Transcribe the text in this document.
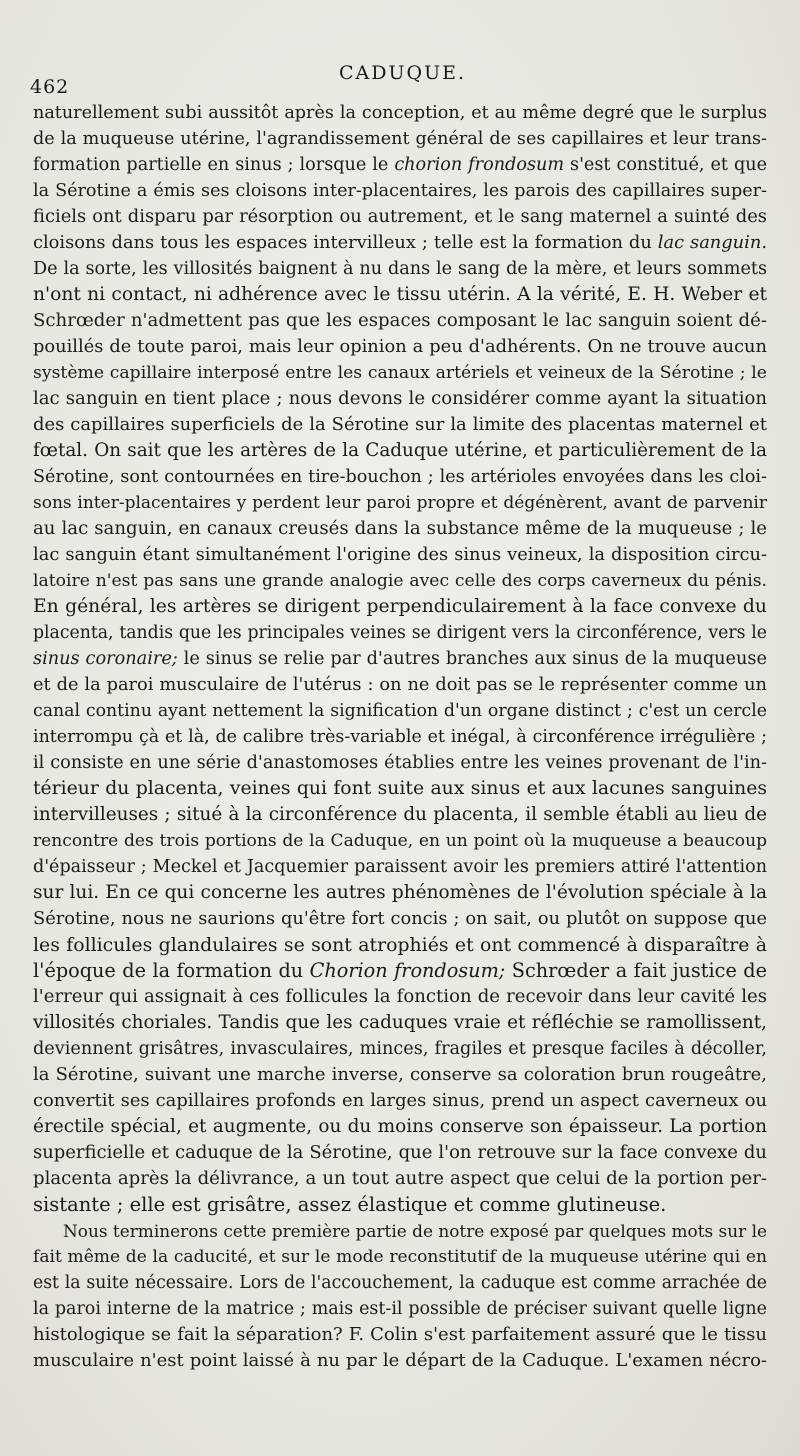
462
CADUQUE.
naturellement subi aussitôt après la conception, et au même degré que le surplus
de la muqueuse utérine, l'agrandissement général de ses capillaires et leur trans-
formation partielle en sinus ; lorsque le chorion frondosum s'est constitué, et que
la Sérotine a émis ses cloisons inter-placentaires, les parois des capillaires super-
ficiels ont disparu par résorption ou autrement, et le sang maternel a suinté des
cloisons dans tous les espaces intervilleux ; telle est la formation du lac sanguin.
De la sorte, les villosités baignent à nu dans le sang de la mère, et leurs sommets
n'ont ni contact, ni adhérence avec le tissu utérin. A la vérité, E. H. Weber et
Schrœder n'admettent pas que les espaces composant le lac sanguin soient dé-
pouillés de toute paroi, mais leur opinion a peu d'adhérents. On ne trouve aucun
système capillaire interposé entre les canaux artériels et veineux de la Sérotine ; le
lac sanguin en tient place ; nous devons le considérer comme ayant la situation
des capillaires superficiels de la Sérotine sur la limite des placentas maternel et
fœtal. On sait que les artères de la Caduque utérine, et particulièrement de la
Sérotine, sont contournées en tire-bouchon ; les artérioles envoyées dans les cloi-
sons inter-placentaires y perdent leur paroi propre et dégénèrent, avant de parvenir
au lac sanguin, en canaux creusés dans la substance même de la muqueuse ; le
lac sanguin étant simultanément l'origine des sinus veineux, la disposition circu-
latoire n'est pas sans une grande analogie avec celle des corps caverneux du pénis.
En général, les artères se dirigent perpendiculairement à la face convexe du
placenta, tandis que les principales veines se dirigent vers la circonférence, vers le
sinus coronaire; le sinus se relie par d'autres branches aux sinus de la muqueuse
et de la paroi musculaire de l'utérus : on ne doit pas se le représenter comme un
canal continu ayant nettement la signification d'un organe distinct ; c'est un cercle
interrompu çà et là, de calibre très-variable et inégal, à circonférence irrégulière ;
il consiste en une série d'anastomoses établies entre les veines provenant de l'in-
térieur du placenta, veines qui font suite aux sinus et aux lacunes sanguines
intervilleuses ; situé à la circonférence du placenta, il semble établi au lieu de
rencontre des trois portions de la Caduque, en un point où la muqueuse a beaucoup
d'épaisseur ; Meckel et Jacquemier paraissent avoir les premiers attiré l'attention
sur lui. En ce qui concerne les autres phénomènes de l'évolution spéciale à la
Sérotine, nous ne saurions qu'être fort concis ; on sait, ou plutôt on suppose que
les follicules glandulaires se sont atrophiés et ont commencé à disparaître à
l'époque de la formation du Chorion frondosum; Schrœder a fait justice de
l'erreur qui assignait à ces follicules la fonction de recevoir dans leur cavité les
villosités choriales. Tandis que les caduques vraie et réfléchie se ramollissent,
deviennent grisâtres, invasculaires, minces, fragiles et presque faciles à décoller,
la Sérotine, suivant une marche inverse, conserve sa coloration brun rougeâtre,
convertit ses capillaires profonds en larges sinus, prend un aspect caverneux ou
érectile spécial, et augmente, ou du moins conserve son épaisseur. La portion
superficielle et caduque de la Sérotine, que l'on retrouve sur la face convexe du
placenta après la délivrance, a un tout autre aspect que celui de la portion per-
sistante ; elle est grisâtre, assez élastique et comme glutineuse.
Nous terminerons cette première partie de notre exposé par quelques mots sur le
fait même de la caducité, et sur le mode reconstitutif de la muqueuse utérine qui en
est la suite nécessaire. Lors de l'accouchement, la caduque est comme arrachée de
la paroi interne de la matrice ; mais est-il possible de préciser suivant quelle ligne
histologique se fait la séparation? F. Colin s'est parfaitement assuré que le tissu
musculaire n'est point laissé à nu par le départ de la Caduque. L'examen nécro-
